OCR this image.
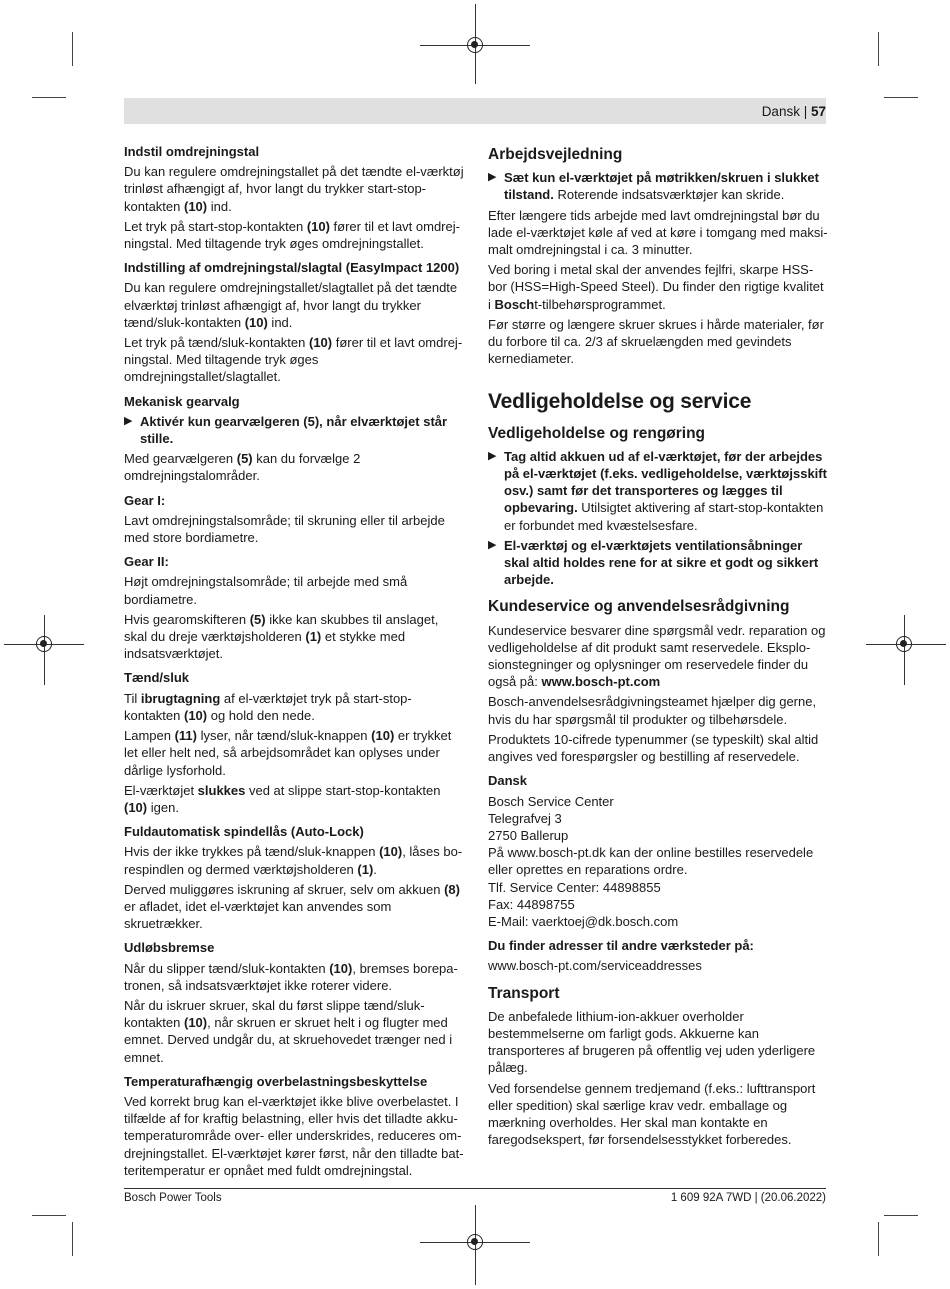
Dansk | 57
Indstil omdrejningstal

Du kan regulere omdrejningstallet på det tændte el-værktøj trinløst afhængigt af, hvor langt du trykker start-stop-kontakten (10) ind.

Let tryk på start-stop-kontakten (10) fører til et lavt omdrejningstal. Med tiltagende tryk øges omdrejningstallet.

Indstilling af omdrejningstal/slagtal (EasyImpact 1200)

Du kan regulere omdrejningstallet/slagtallet på det tændte elværktøj trinløst afhængigt af, hvor langt du trykker tænd/sluk-kontakten (10) ind.

Let tryk på tænd/sluk-kontakten (10) fører til et lavt omdrejningstal. Med tiltagende tryk øges omdrejningstallet/slagtallet.

Mekanisk gearvalg

▶ Aktivér kun gearvælgeren (5), når elværktøjet står stille.

Med gearvælgeren (5) kan du forvælge 2 omdrejningstalområder.

Gear I:

Lavt omdrejningstalsområde; til skruning eller til arbejde med store bordiametre.

Gear II:

Højt omdrejningstalsområde; til arbejde med små bordiametre.

Hvis gearomskifteren (5) ikke kan skubbes til anslaget, skal du dreje værktøjsholderen (1) et stykke med indsatsværktøjet.

Tænd/sluk

Til ibrugtagning af el-værktøjet tryk på start-stop-kontakten (10) og hold den nede.

Lampen (11) lyser, når tænd/sluk-knappen (10) er trykket let eller helt ned, så arbejdsområdet kan oplyses under dårlige lysforhold.

El-værktøjet slukkes ved at slippe start-stop-kontakten (10) igen.

Fuldautomatisk spindellås (Auto-Lock)

Hvis der ikke trykkes på tænd/sluk-knappen (10), låses borespindlen og dermed værktøjsholderen (1).

Derved muliggøres iskruning af skruer, selv om akkuen (8) er afladet, idet el-værktøjet kan anvendes som skruetrækker.

Udløbsbremse

Når du slipper tænd/sluk-kontakten (10), bremses borepatronen, så indsatsværktøjet ikke roterer videre.

Når du iskruer skruer, skal du først slippe tænd/sluk-kontakten (10), når skruen er skruet helt i og flugter med emnet. Derved undgår du, at skruehovedet trænger ned i emnet.

Temperaturafhængig overbelastningsbeskyttelse

Ved korrekt brug kan el-værktøjet ikke blive overbelastet. I tilfælde af for kraftig belastning, eller hvis det tilladte akkutemperaturområde over- eller underskrides, reduceres omdrejningstallet. El-værktøjet kører først, når den tilladte batteritemperatur er opnået med fuldt omdrejningstal.

Arbejdsvejledning

▶ Sæt kun el-værktøjet på møtrikken/skruen i slukket tilstand. Roterende indsatsværktøjer kan skride.

Efter længere tids arbejde med lavt omdrejningstal bør du lade el-værktøjet køle af ved at køre i tomgang med maksimalt omdrejningstal i ca. 3 minutter.

Ved boring i metal skal der anvendes fejlfri, skarpe HSS-bor (HSS=High-Speed Steel). Du finder den rigtige kvalitet i Boscht-tilbehørsprogrammet.

Før større og længere skruer skrues i hårde materialer, før du forbore til ca. 2/3 af skruelængden med gevindets kernediameter.

Vedligeholdelse og service
Vedligeholdelse og rengøring

▶ Tag altid akkuen ud af el-værktøjet, før der arbejdes på el-værktøjet (f.eks. vedligeholdelse, værktøjsskift osv.) samt før det transporteres og lægges til opbevaring. Utilsigtet aktivering af start-stop-kontakten er forbundet med kvæstelsesfare.

▶ El-værktøj og el-værktøjets ventilationsåbninger skal altid holdes rene for at sikre et godt og sikkert arbejde.

Kundeservice og anvendelsesrådgivning

Kundeservice besvarer dine spørgsmål vedr. reparation og vedligeholdelse af dit produkt samt reservedele. Eksplosionstegninger og oplysninger om reservedele finder du også på: www.bosch-pt.com

Bosch-anvendelsesrådgivningsteamet hjælper dig gerne, hvis du har spørgsmål til produkter og tilbehørsdele.

Produktets 10-cifrede typenummer (se typeskilt) skal altid angives ved forespørgsler og bestilling af reservedele.

Dansk
Bosch Service Center
Telegrafvej 3
2750 Ballerup
På www.bosch-pt.dk kan der online bestilles reservedele eller oprettes en reparations ordre.
Tlf. Service Center: 44898855
Fax: 44898755
E-Mail: vaerktoej@dk.bosch.com
Du finder adresser til andre værksteder på:

www.bosch-pt.com/serviceaddresses

Transport

De anbefalede lithium-ion-akkuer overholder bestemmelserne om farligt gods. Akkuerne kan transporteres af brugeren på offentlig vej uden yderligere pålæg.

Ved forsendelse gennem tredjemand (f.eks.: lufttransport eller spedition) skal særlige krav vedr. emballage og mærkning overholdes. Her skal man kontakte en faregodsekspert, før forsendelsesstykket forberedes.

Bosch Power Tools	1 609 92A 7WD | (20.06.2022)
